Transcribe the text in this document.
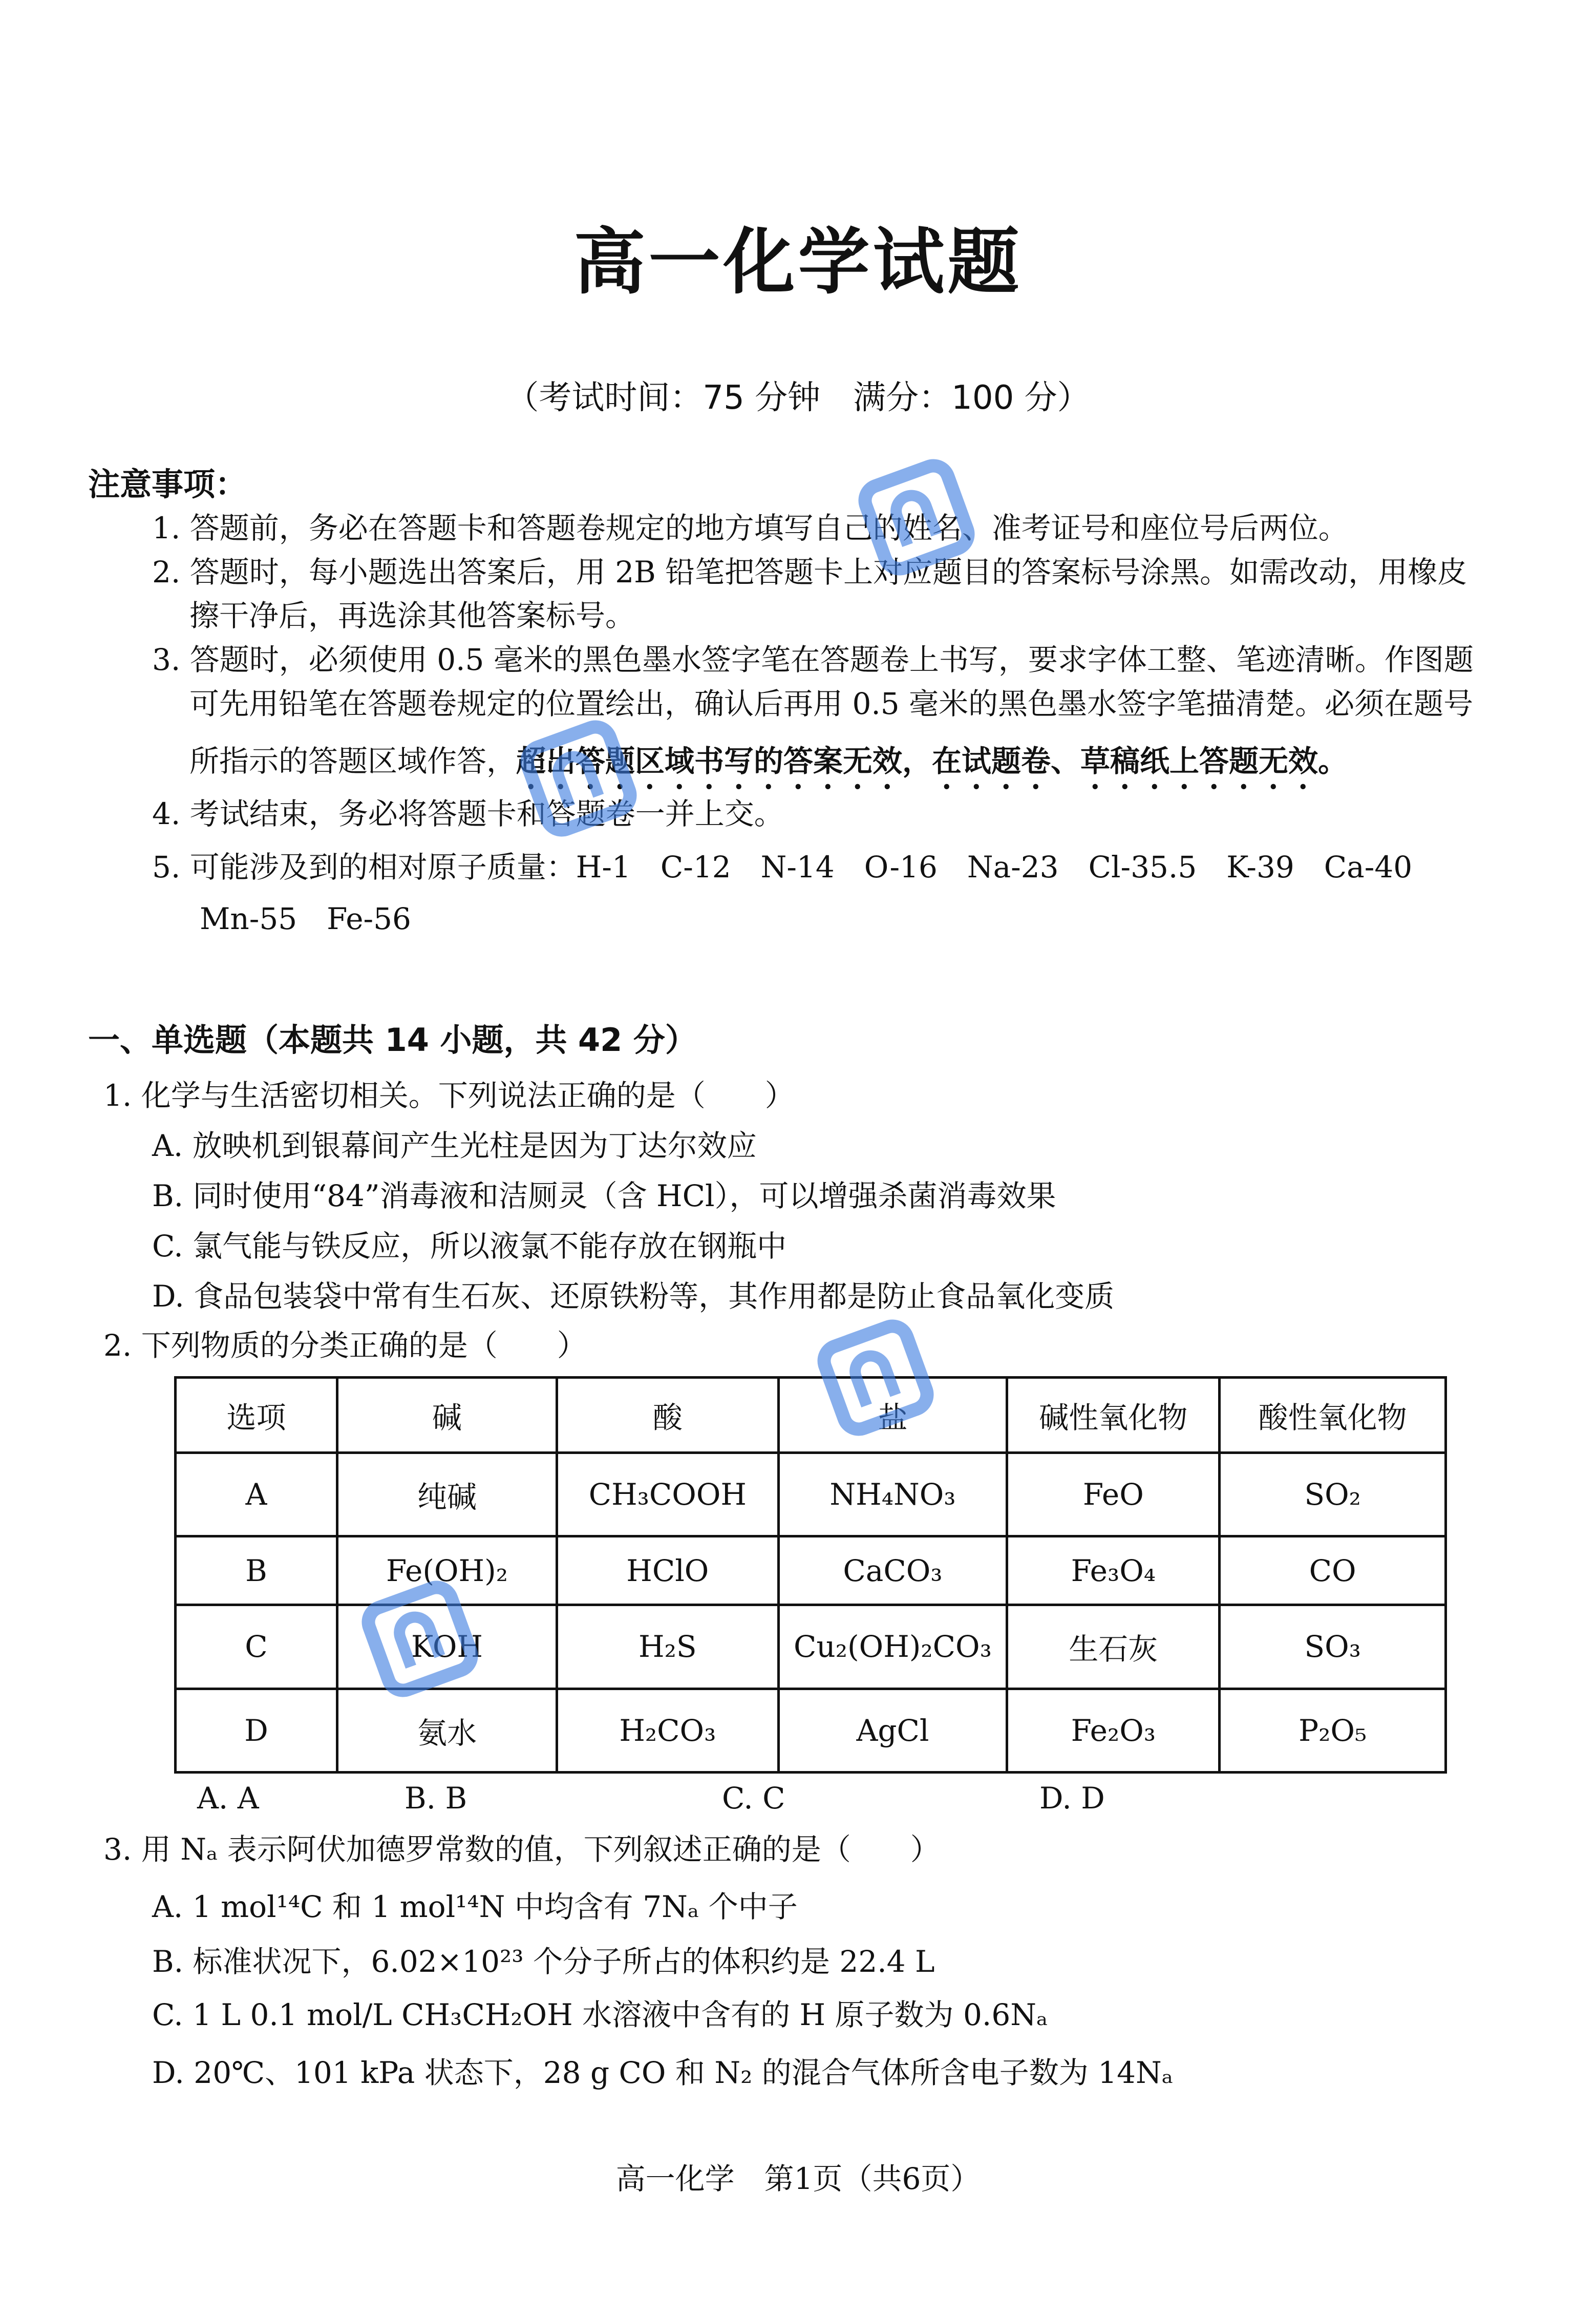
高一化学试题
（考试时间：75 分钟　满分：100 分）
注意事项：
1. 答题前，务必在答题卡和答题卷规定的地方填写自己的姓名、准考证号和座位号后两位。
2. 答题时，每小题选出答案后，用 2B 铅笔把答题卡上对应题目的答案标号涂黑。如需改动，用橡皮
擦干净后，再选涂其他答案标号。
3. 答题时，必须使用 0.5 毫米的黑色墨水签字笔在答题卷上书写，要求字体工整、笔迹清晰。作图题
可先用铅笔在答题卷规定的位置绘出，确认后再用 0.5 毫米的黑色墨水签字笔描清楚。必须在题号
所指示的答题区域作答，超出答题区域书写的答案无效，在试题卷、草稿纸上答题无效。
4. 考试结束，务必将答题卡和答题卷一并上交。
5. 可能涉及到的相对原子质量：H-1　C-12　N-14　O-16　Na-23　Cl-35.5　K-39　Ca-40
Mn-55　Fe-56
一、单选题（本题共 14 小题，共 42 分）
1. 化学与生活密切相关。下列说法正确的是（　　）
A. 放映机到银幕间产生光柱是因为丁达尔效应
B. 同时使用“84”消毒液和洁厕灵（含 HCl），可以增强杀菌消毒效果
C. 氯气能与铁反应，所以液氯不能存放在钢瓶中
D. 食品包装袋中常有生石灰、还原铁粉等，其作用都是防止食品氧化变质
2. 下列物质的分类正确的是（　　）
选项	碱	酸	盐	碱性氧化物	酸性氧化物
A	纯碱	CH₃COOH	NH₄NO₃	FeO	SO₂
B	Fe(OH)₂	HClO	CaCO₃	Fe₃O₄	CO
C	KOH	H₂S	Cu₂(OH)₂CO₃	生石灰	SO₃
D	氨水	H₂CO₃	AgCl	Fe₂O₃	P₂O₅
A. A	B. B	C. C	D. D
3. 用 Nₐ 表示阿伏加德罗常数的值，下列叙述正确的是（　　）
A. 1 mol¹⁴C 和 1 mol¹⁴N 中均含有 7Nₐ 个中子
B. 标准状况下，6.02×10²³ 个分子所占的体积约是 22.4 L
C. 1 L 0.1 mol/L CH₃CH₂OH 水溶液中含有的 H 原子数为 0.6Nₐ
D. 20℃、101 kPa 状态下，28 g CO 和 N₂ 的混合气体所含电子数为 14Nₐ
高一化学　第1页（共6页）
